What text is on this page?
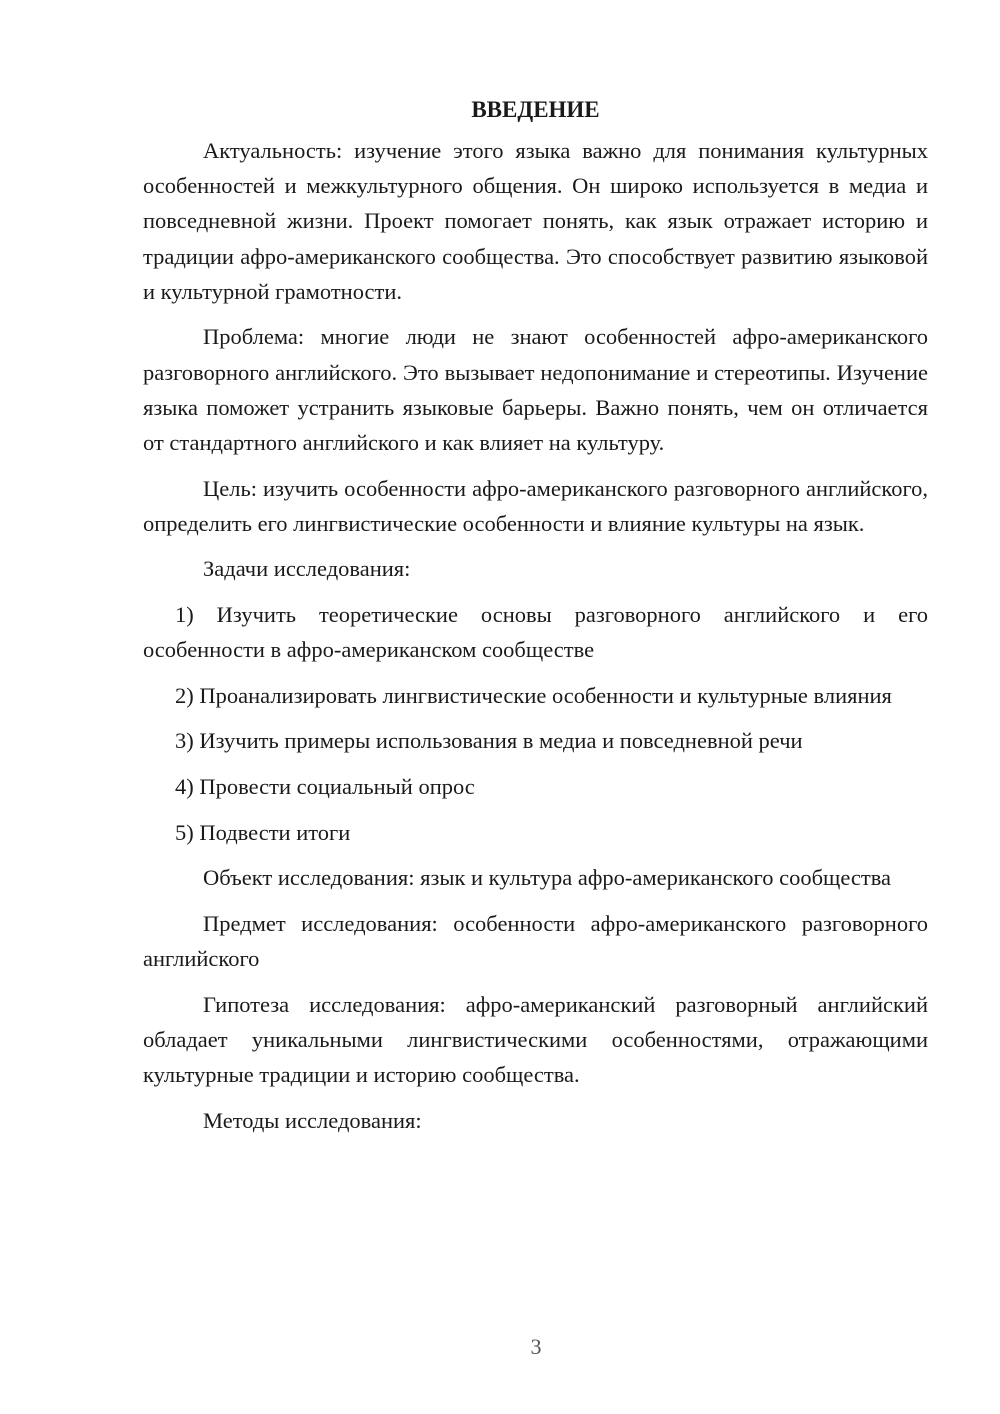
ВВЕДЕНИЕ
Актуальность: изучение этого языка важно для понимания культурных особенностей и межкультурного общения. Он широко используется в медиа и повседневной жизни. Проект помогает понять, как язык отражает историю и традиции афро-американского сообщества. Это способствует развитию языковой и культурной грамотности.
Проблема: многие люди не знают особенностей афро-американского разговорного английского. Это вызывает недопонимание и стереотипы. Изучение языка поможет устранить языковые барьеры. Важно понять, чем он отличается от стандартного английского и как влияет на культуру.
Цель: изучить особенности афро-американского разговорного английского, определить его лингвистические особенности и влияние культуры на язык.
Задачи исследования:
1) Изучить теоретические основы разговорного английского и его особенности в афро-американском сообществе
2) Проанализировать лингвистические особенности и культурные влияния
3) Изучить примеры использования в медиа и повседневной речи
4) Провести социальный опрос
5) Подвести итоги
Объект исследования: язык и культура афро-американского сообщества
Предмет исследования: особенности афро-американского разговорного английского
Гипотеза исследования: афро-американский разговорный английский обладает уникальными лингвистическими особенностями, отражающими культурные традиции и историю сообщества.
Методы исследования:
3
